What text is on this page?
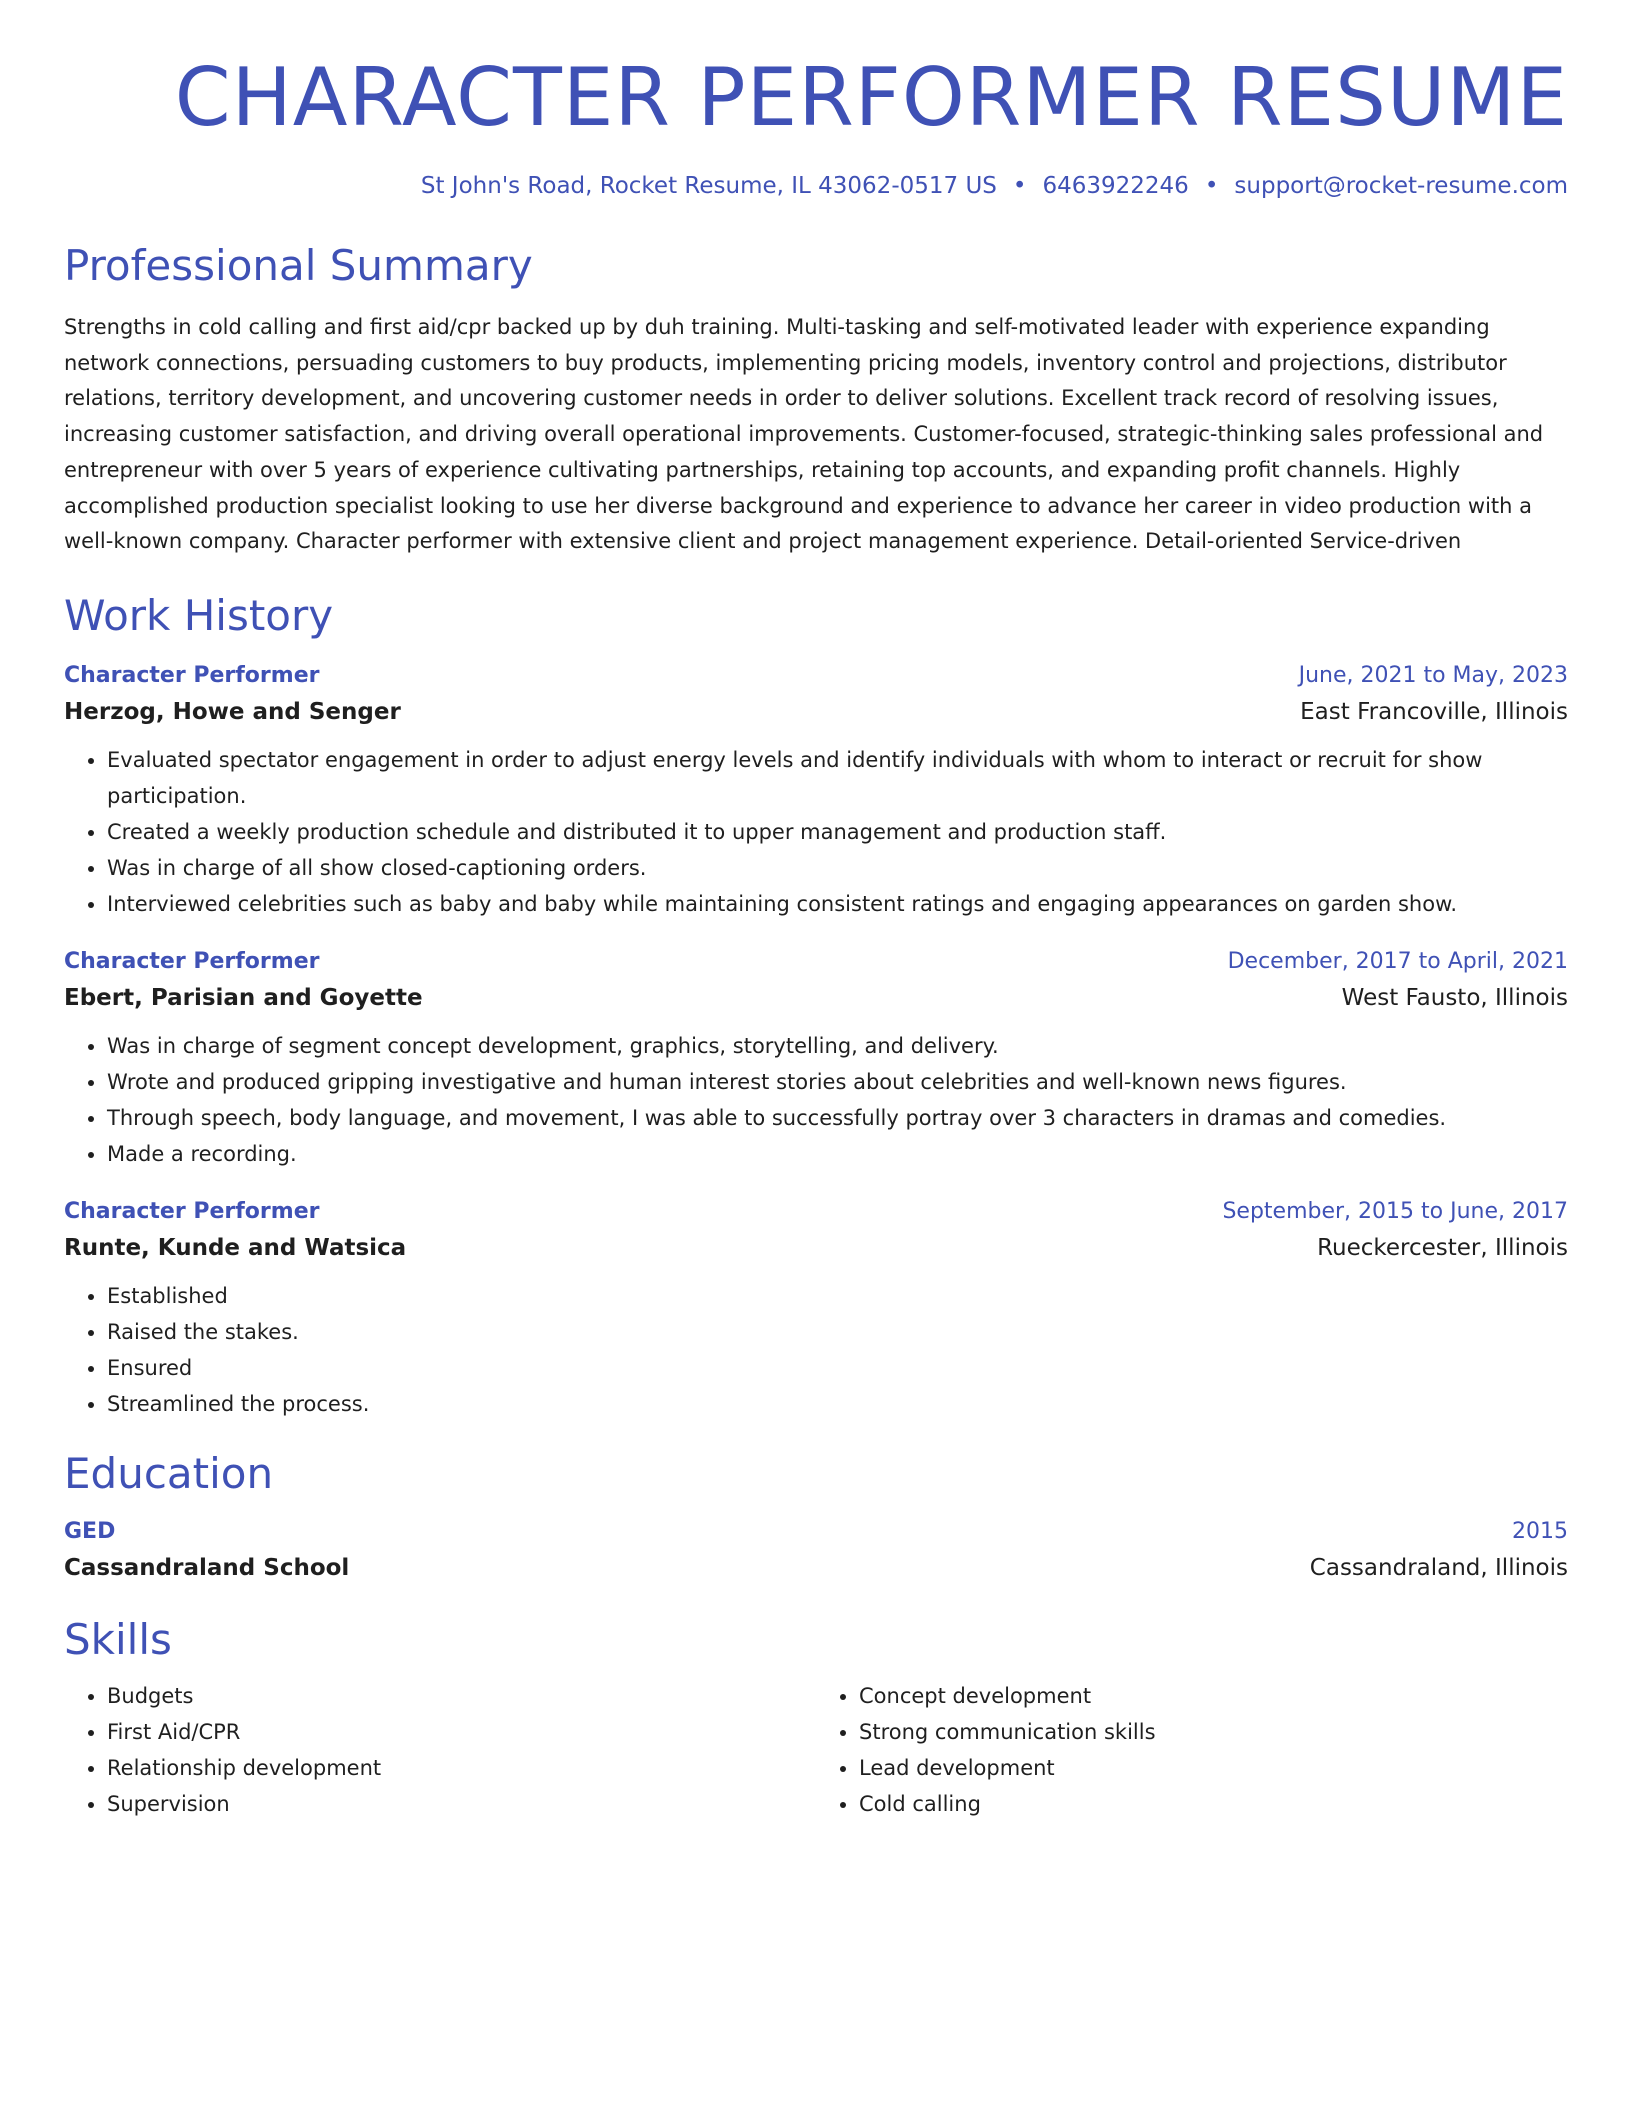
CHARACTER PERFORMER RESUME
St John's Road, Rocket Resume, IL 43062-0517 US • 6463922246 • support@rocket-resume.com
Professional Summary

Strengths in cold calling and first aid/cpr backed up by duh training. Multi-tasking and self-motivated leader with experience expanding network connections, persuading customers to buy products, implementing pricing models, inventory control and projections, distributor relations, territory development, and uncovering customer needs in order to deliver solutions. Excellent track record of resolving issues, increasing customer satisfaction, and driving overall operational improvements. Customer-focused, strategic-thinking sales professional and entrepreneur with over 5 years of experience cultivating partnerships, retaining top accounts, and expanding profit channels. Highly accomplished production specialist looking to use her diverse background and experience to advance her career in video production with a well-known company. Character performer with extensive client and project management experience. Detail-oriented Service-driven

Work History
Character Performer	June, 2021 to May, 2023
Herzog, Howe and Senger	East Francoville, Illinois
• Evaluated spectator engagement in order to adjust energy levels and identify individuals with whom to interact or recruit for show participation.
• Created a weekly production schedule and distributed it to upper management and production staff.
• Was in charge of all show closed-captioning orders.
• Interviewed celebrities such as baby and baby while maintaining consistent ratings and engaging appearances on garden show.
Character Performer	December, 2017 to April, 2021
Ebert, Parisian and Goyette	West Fausto, Illinois
• Was in charge of segment concept development, graphics, storytelling, and delivery.
• Wrote and produced gripping investigative and human interest stories about celebrities and well-known news figures.
• Through speech, body language, and movement, I was able to successfully portray over 3 characters in dramas and comedies.
• Made a recording.
Character Performer	September, 2015 to June, 2017
Runte, Kunde and Watsica	Rueckercester, Illinois
• Established
• Raised the stakes.
• Ensured
• Streamlined the process.
Education
GED	2015
Cassandraland School	Cassandraland, Illinois
Skills
• Budgets
• First Aid/CPR
• Relationship development
• Supervision
• Concept development
• Strong communication skills
• Lead development
• Cold calling
